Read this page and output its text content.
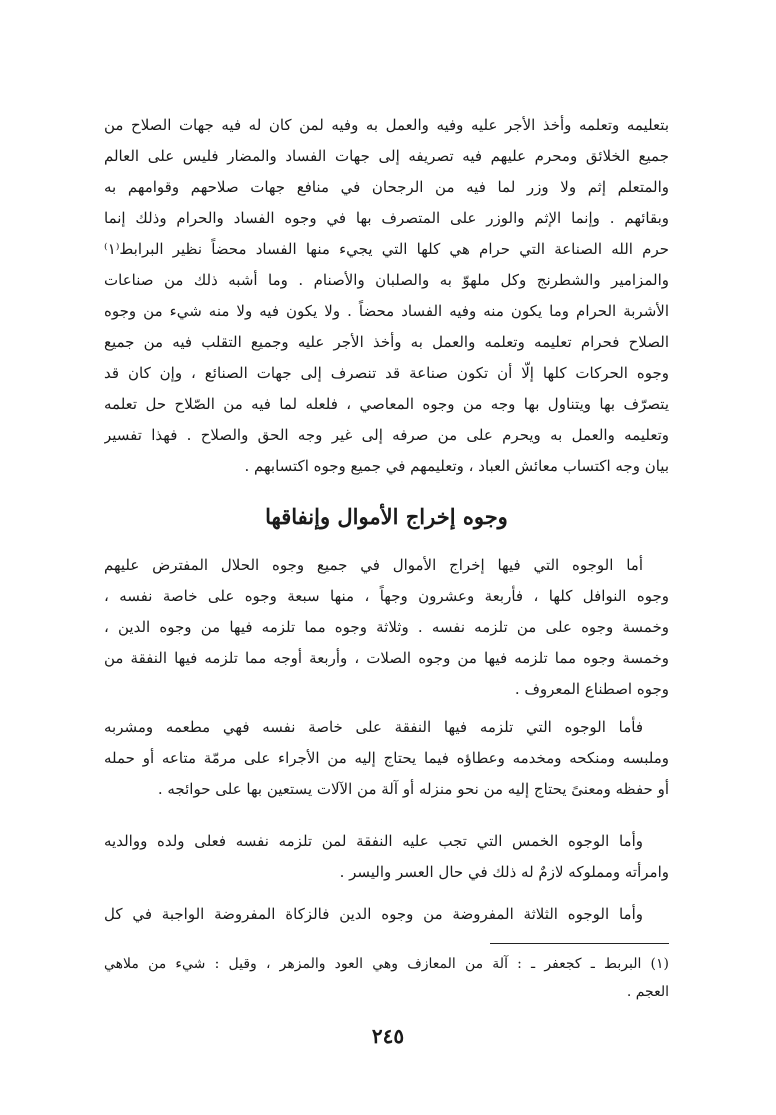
بتعليمه وتعلمه وأخذ الأجر عليه وفيه والعمل به وفيه لمن كان له فيه جهات الصلاح من
جميع الخلائق ومحرم عليهم فيه تصريفه إلى جهات الفساد والمضار فليس على العالم
والمتعلم إثم ولا وزر لما فيه من الرجحان في منافع جهات صلاحهم وقوامهم به
وبقائهم . وإنما الإثم والوزر على المتصرف بها في وجوه الفساد والحرام وذلك إنما
حرم الله الصناعة التي حرام هي كلها التي يجيء منها الفساد محضاً نظير البرابط⁽١⁾
والمزامير والشطرنج وكل ملهوّ به والصلبان والأصنام . وما أشبه ذلك من صناعات
الأشربة الحرام وما يكون منه وفيه الفساد محضاً . ولا يكون فيه ولا منه شيء من وجوه
الصلاح فحرام تعليمه وتعلمه والعمل به وأخذ الأجر عليه وجميع التقلب فيه من جميع
وجوه الحركات كلها إلّا أن تكون صناعة قد تنصرف إلى جهات الصنائع ، وإن كان قد
يتصرّف بها ويتناول بها وجه من وجوه المعاصي ، فلعله لما فيه من الصّلاح حل تعلمه
وتعليمه والعمل به ويحرم على من صرفه إلى غير وجه الحق والصلاح . فهذا تفسير
بيان وجه اكتساب معائش العباد ، وتعليمهم في جميع وجوه اكتسابهم .
وجوه إخراج الأموال وإنفاقها
أما الوجوه التي فيها إخراج الأموال في جميع وجوه الحلال المفترض عليهم
وجوه النوافل كلها ، فأربعة وعشرون وجهاً ، منها سبعة وجوه على خاصة نفسه ،
وخمسة وجوه على من تلزمه نفسه . وثلاثة وجوه مما تلزمه فيها من وجوه الدين ،
وخمسة وجوه مما تلزمه فيها من وجوه الصلات ، وأربعة أوجه مما تلزمه فيها النفقة من
وجوه اصطناع المعروف .
فأما الوجوه التي تلزمه فيها النفقة على خاصة نفسه فهي مطعمه ومشربه
وملبسه ومنكحه ومخدمه وعطاؤه فيما يحتاج إليه من الأجراء على مرمّة متاعه أو حمله
أو حفظه ومعنىً يحتاج إليه من نحو منزله أو آلة من الآلات يستعين بها على حوائجه .
وأما الوجوه الخمس التي تجب عليه النفقة لمن تلزمه نفسه فعلى ولده ووالديه
وامرأته ومملوكه لازمٌ له ذلك في حال العسر واليسر .
وأما الوجوه الثلاثة المفروضة من وجوه الدين فالزكاة المفروضة الواجبة في كل
(١) البربط ـ كجعفر ـ : آلة من المعازف وهي العود والمزهر ، وقيل : شيء من ملاهي
العجم .
٢٤٥
